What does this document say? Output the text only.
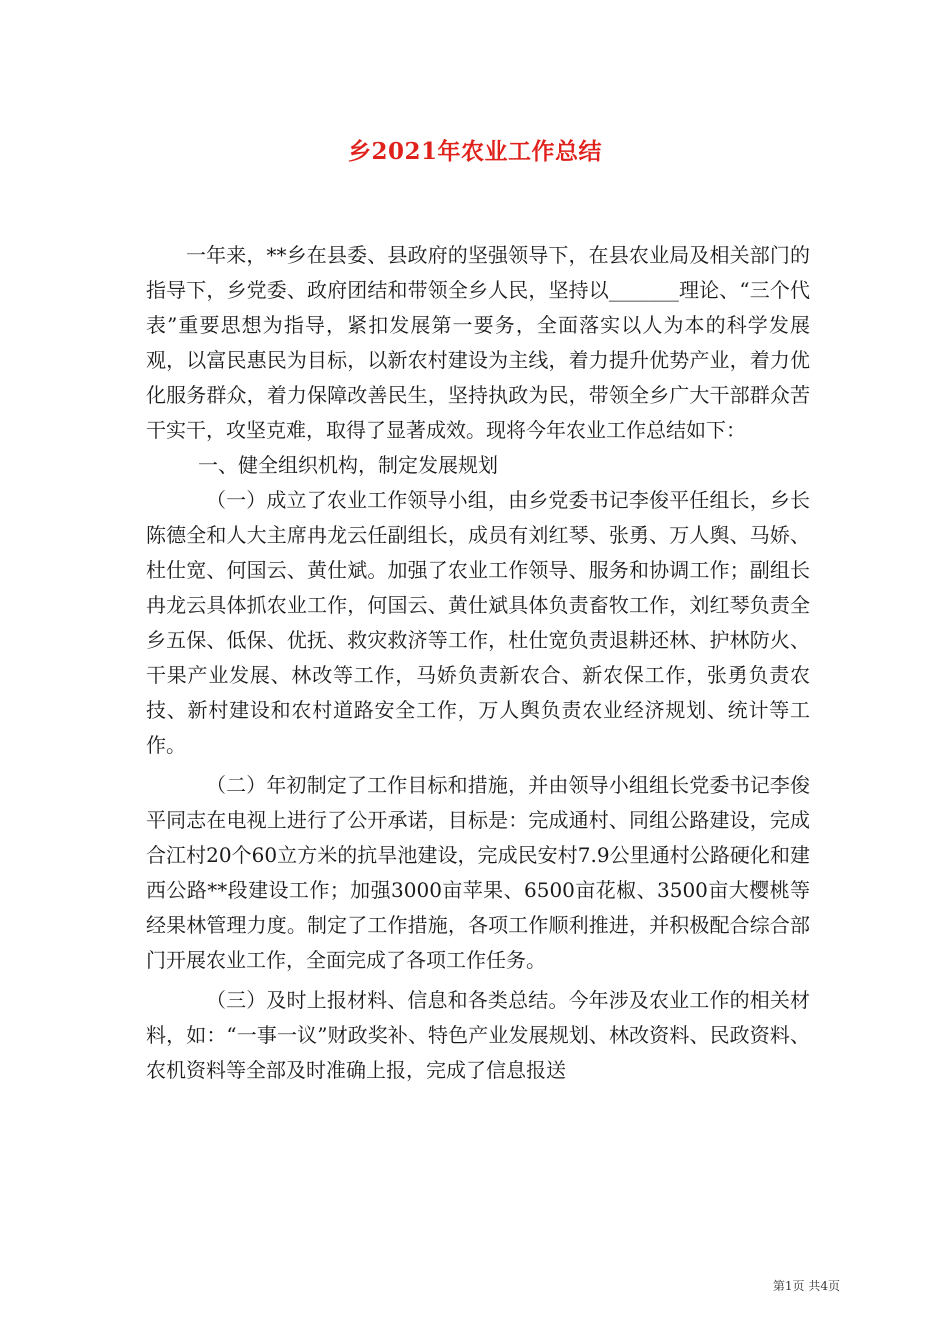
乡2021年农业工作总结

一年来，**乡在县委、县政府的坚强领导下，在县农业局及相关部门的指导下，乡党委、政府团结和带领全乡人民，坚持以_______理论、“三个代表”重要思想为指导，紧扣发展第一要务，全面落实以人为本的科学发展观，以富民惠民为目标，以新农村建设为主线，着力提升优势产业，着力优化服务群众，着力保障改善民生，坚持执政为民，带领全乡广大干部群众苦干实干，攻坚克难，取得了显著成效。现将今年农业工作总结如下：

一、健全组织机构，制定发展规划

（一）成立了农业工作领导小组，由乡党委书记李俊平任组长，乡长陈德全和人大主席冉龙云任副组长，成员有刘红琴、张勇、万人舆、马娇、杜仕宽、何国云、黄仕斌。加强了农业工作领导、服务和协调工作；副组长冉龙云具体抓农业工作，何国云、黄仕斌具体负责畜牧工作，刘红琴负责全乡五保、低保、优抚、救灾救济等工作，杜仕宽负责退耕还林、护林防火、干果产业发展、林改等工作，马娇负责新农合、新农保工作，张勇负责农技、新村建设和农村道路安全工作，万人舆负责农业经济规划、统计等工作。

（二）年初制定了工作目标和措施，并由领导小组组长党委书记李俊平同志在电视上进行了公开承诺，目标是：完成通村、同组公路建设，完成合江村20个60立方米的抗旱池建设，完成民安村7.9公里通村公路硬化和建西公路**段建设工作；加强3000亩苹果、6500亩花椒、3500亩大樱桃等经果林管理力度。制定了工作措施，各项工作顺利推进，并积极配合综合部门开展农业工作，全面完成了各项工作任务。

（三）及时上报材料、信息和各类总结。今年涉及农业工作的相关材料，如：“一事一议”财政奖补、特色产业发展规划、林改资料、民政资料、农机资料等全部及时准确上报，完成了信息报送

第1页 共4页
